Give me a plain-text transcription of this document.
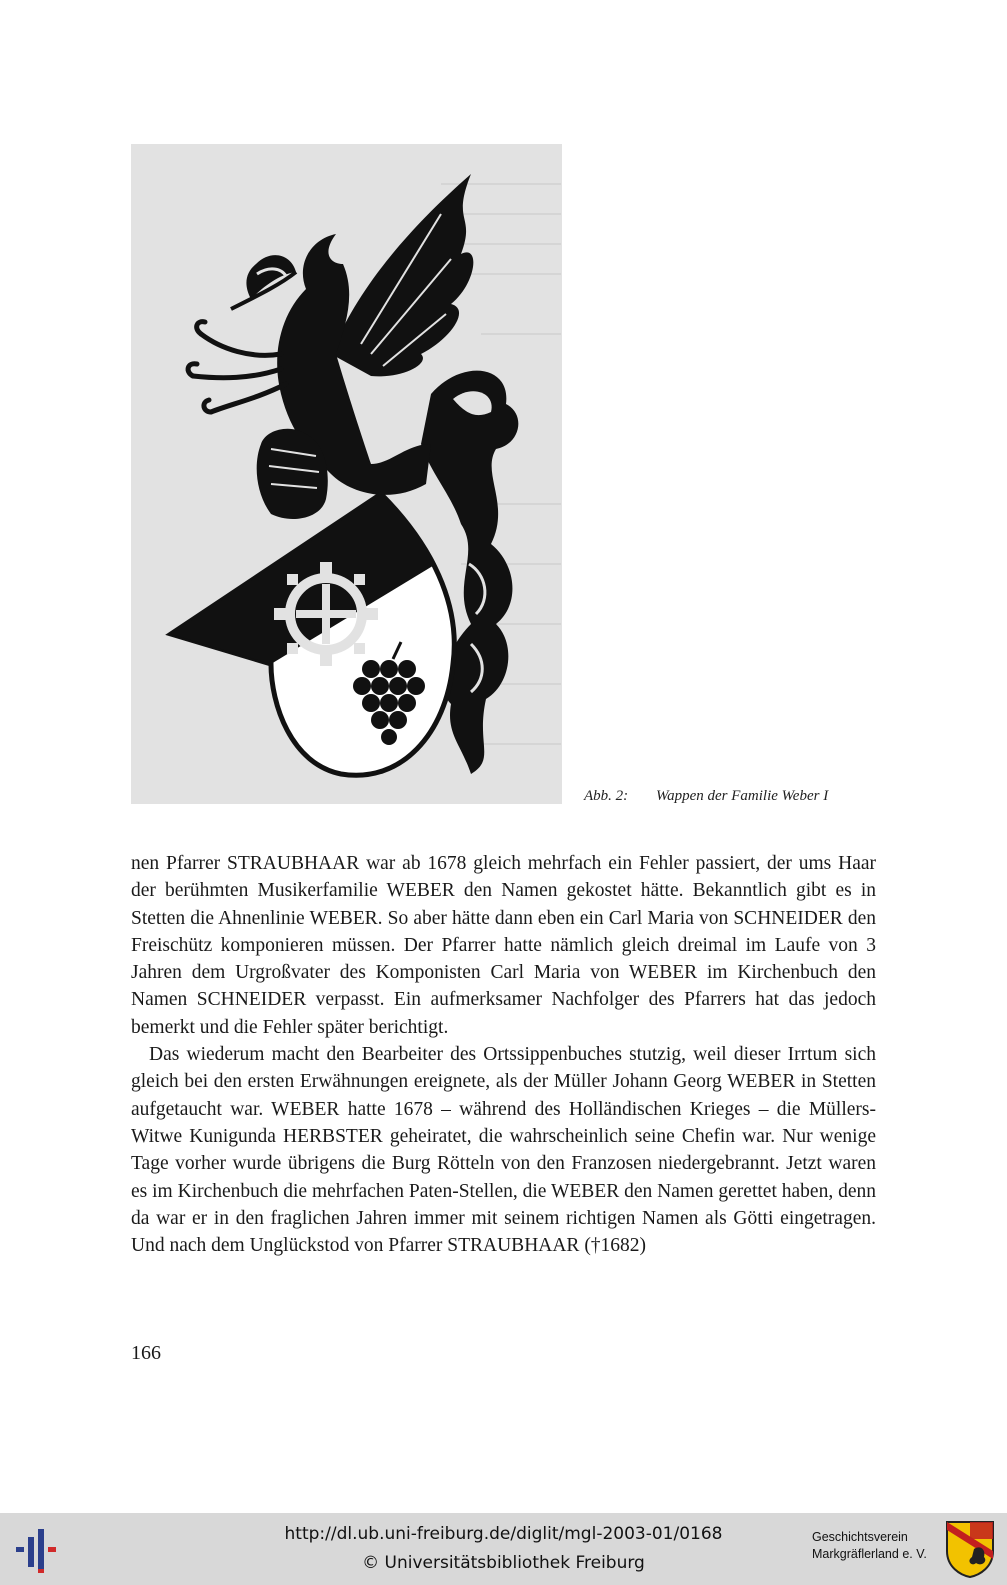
Abb. 2: Wappen der Familie Weber I

nen Pfarrer STRAUBHAAR war ab 1678 gleich mehrfach ein Fehler passiert, der ums Haar der berühmten Musikerfamilie WEBER den Namen gekostet hätte. Bekanntlich gibt es in Stetten die Ahnenlinie WEBER. So aber hätte dann eben ein Carl Maria von SCHNEIDER den Freischütz komponieren müssen. Der Pfarrer hatte nämlich gleich dreimal im Laufe von 3 Jahren dem Urgroßvater des Komponisten Carl Maria von WEBER im Kirchenbuch den Namen SCHNEIDER verpasst. Ein aufmerksamer Nachfolger des Pfarrers hat das jedoch bemerkt und die Fehler später berichtigt.

Das wiederum macht den Bearbeiter des Ortssippenbuches stutzig, weil dieser Irrtum sich gleich bei den ersten Erwähnungen ereignete, als der Müller Johann Georg WEBER in Stetten aufgetaucht war. WEBER hatte 1678 – während des Holländischen Krieges – die Müllers-Witwe Kunigunda HERBSTER geheiratet, die wahrscheinlich seine Chefin war. Nur wenige Tage vorher wurde übrigens die Burg Rötteln von den Franzosen niedergebrannt. Jetzt waren es im Kirchenbuch die mehrfachen Paten-Stellen, die WEBER den Namen gerettet haben, denn da war er in den fraglichen Jahren immer mit seinem richtigen Namen als Götti eingetragen. Und nach dem Unglückstod von Pfarrer STRAUBHAAR (†1682)

166
http://dl.ub.uni-freiburg.de/diglit/mgl-2003-01/0168
© Universitätsbibliothek Freiburg
Geschichtsverein
Markgräflerland e. V.
